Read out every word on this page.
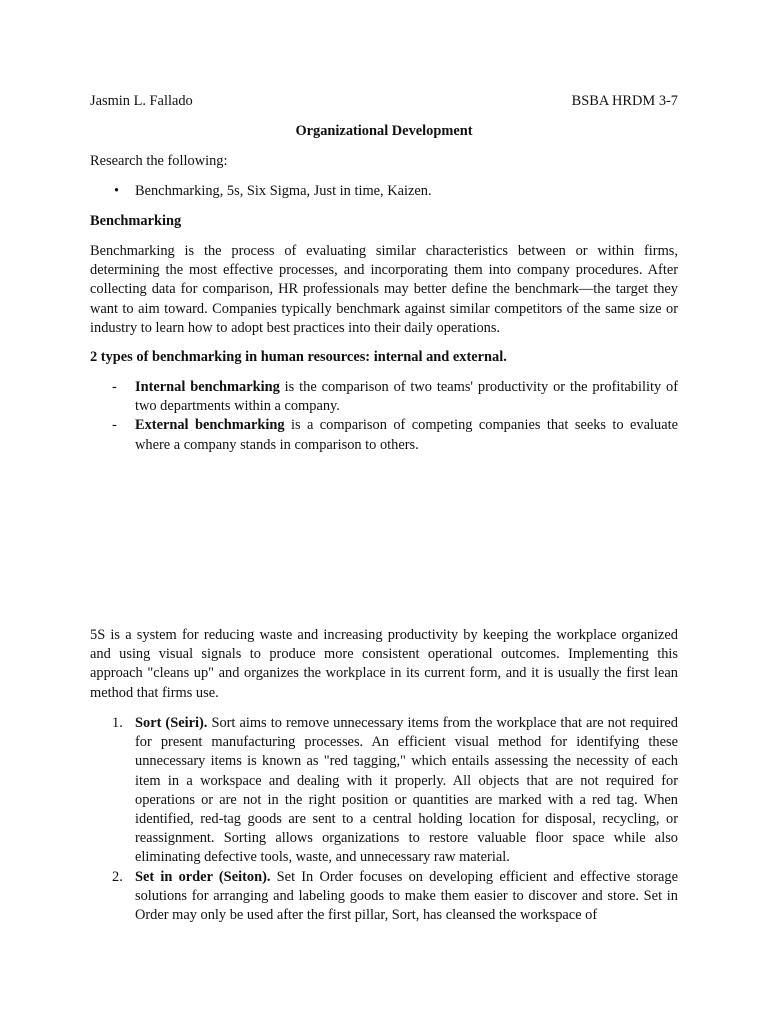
Jasmin L. Fallado	BSBA HRDM 3-7
Organizational Development
Research the following:
•	Benchmarking, 5s, Six Sigma, Just in time, Kaizen.
Benchmarking

Benchmarking is the process of evaluating similar characteristics between or within firms, determining the most effective processes, and incorporating them into company procedures. After collecting data for comparison, HR professionals may better define the benchmark—the target they want to aim toward. Companies typically benchmark against similar competitors of the same size or industry to learn how to adopt best practices into their daily operations.

2 types of benchmarking in human resources: internal and external.
-	Internal benchmarking is the comparison of two teams' productivity or the profitability of two departments within a company.
-	External benchmarking is a comparison of competing companies that seeks to evaluate where a company stands in comparison to others.

5S is a system for reducing waste and increasing productivity by keeping the workplace organized and using visual signals to produce more consistent operational outcomes. Implementing this approach "cleans up" and organizes the workplace in its current form, and it is usually the first lean method that firms use.

1. Sort (Seiri). Sort aims to remove unnecessary items from the workplace that are not required for present manufacturing processes. An efficient visual method for identifying these unnecessary items is known as "red tagging," which entails assessing the necessity of each item in a workspace and dealing with it properly. All objects that are not required for operations or are not in the right position or quantities are marked with a red tag. When identified, red-tag goods are sent to a central holding location for disposal, recycling, or reassignment. Sorting allows organizations to restore valuable floor space while also eliminating defective tools, waste, and unnecessary raw material.
2. Set in order (Seiton). Set In Order focuses on developing efficient and effective storage solutions for arranging and labeling goods to make them easier to discover and store. Set in Order may only be used after the first pillar, Sort, has cleansed the workspace of
